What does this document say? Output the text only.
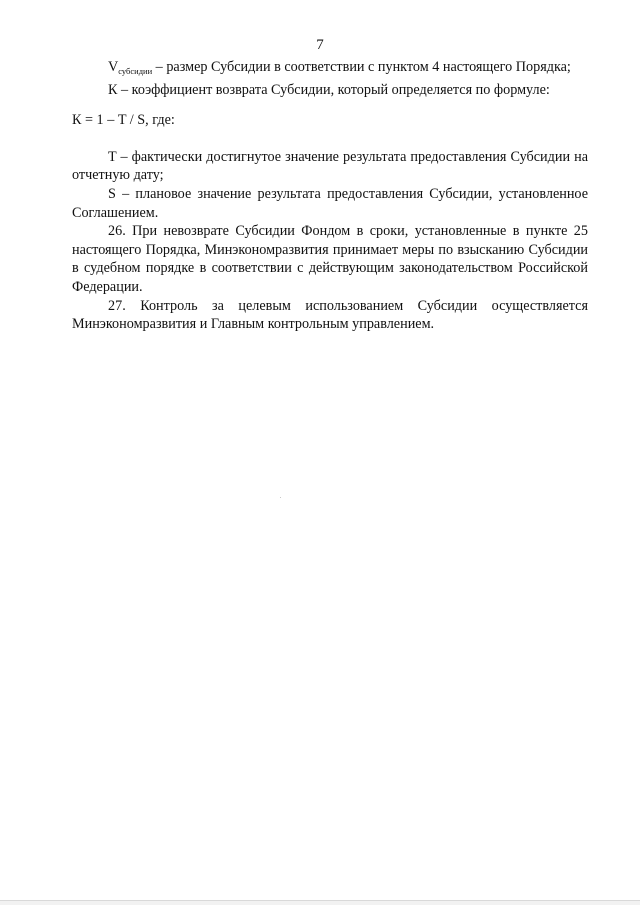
7

$V_{субсидии}$ – размер Субсидии в соответствии с пунктом 4 настоящего Порядка;

К – коэффициент возврата Субсидии, который определяется по формуле:

К = 1 – T / S, где:

T – фактически достигнутое значение результата предоставления Субсидии на отчетную дату;

S – плановое значение результата предоставления Субсидии, установленное Соглашением.

26. При невозврате Субсидии Фондом в сроки, установленные в пункте 25 настоящего Порядка, Минэкономразвития принимает меры по взысканию Субсидии в судебном порядке в соответствии с действующим законодательством Российской Федерации.

27. Контроль за целевым использованием Субсидии осуществляется Минэкономразвития и Главным контрольным управлением.
